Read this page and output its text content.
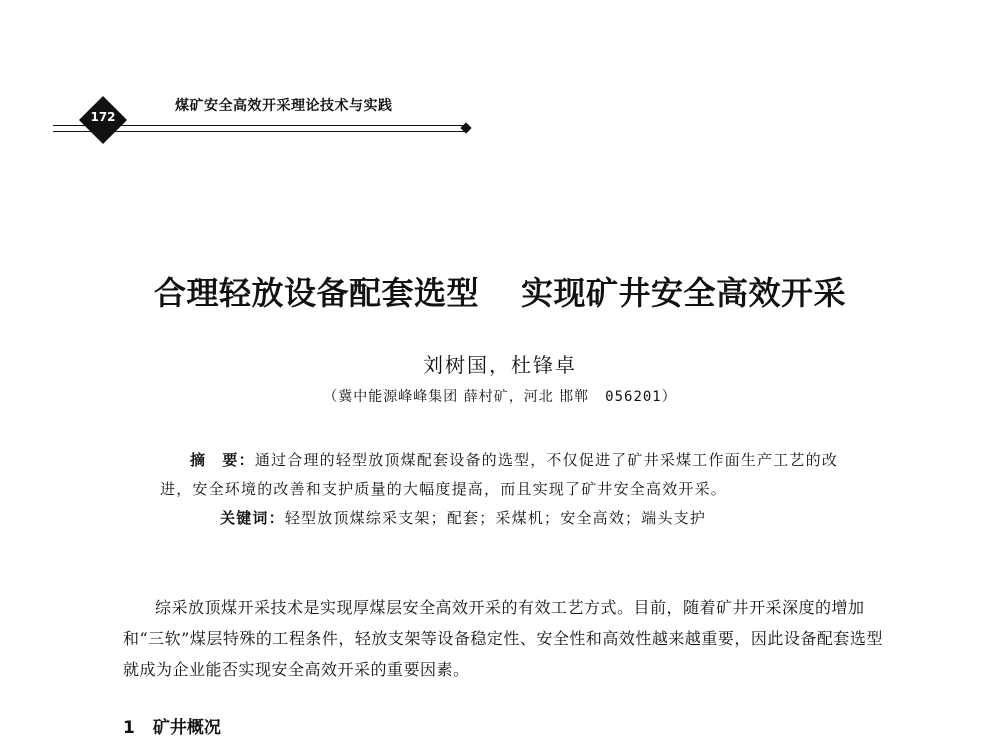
172
煤矿安全高效开采理论技术与实践
合理轻放设备配套选型 实现矿井安全高效开采
刘树国，杜锋卓
（冀中能源峰峰集团 薛村矿，河北 邯郸 056201）

摘　要：通过合理的轻型放顶煤配套设备的选型，不仅促进了矿井采煤工作面生产工艺的改进，安全环境的改善和支护质量的大幅度提高，而且实现了矿井安全高效开采。

关键词：轻型放顶煤综采支架；配套；采煤机；安全高效；端头支护

综采放顶煤开采技术是实现厚煤层安全高效开采的有效工艺方式。目前，随着矿井开采深度的增加和“三软”煤层特殊的工程条件，轻放支架等设备稳定性、安全性和高效性越来越重要，因此设备配套选型就成为企业能否实现安全高效开采的重要因素。

1 矿井概况
